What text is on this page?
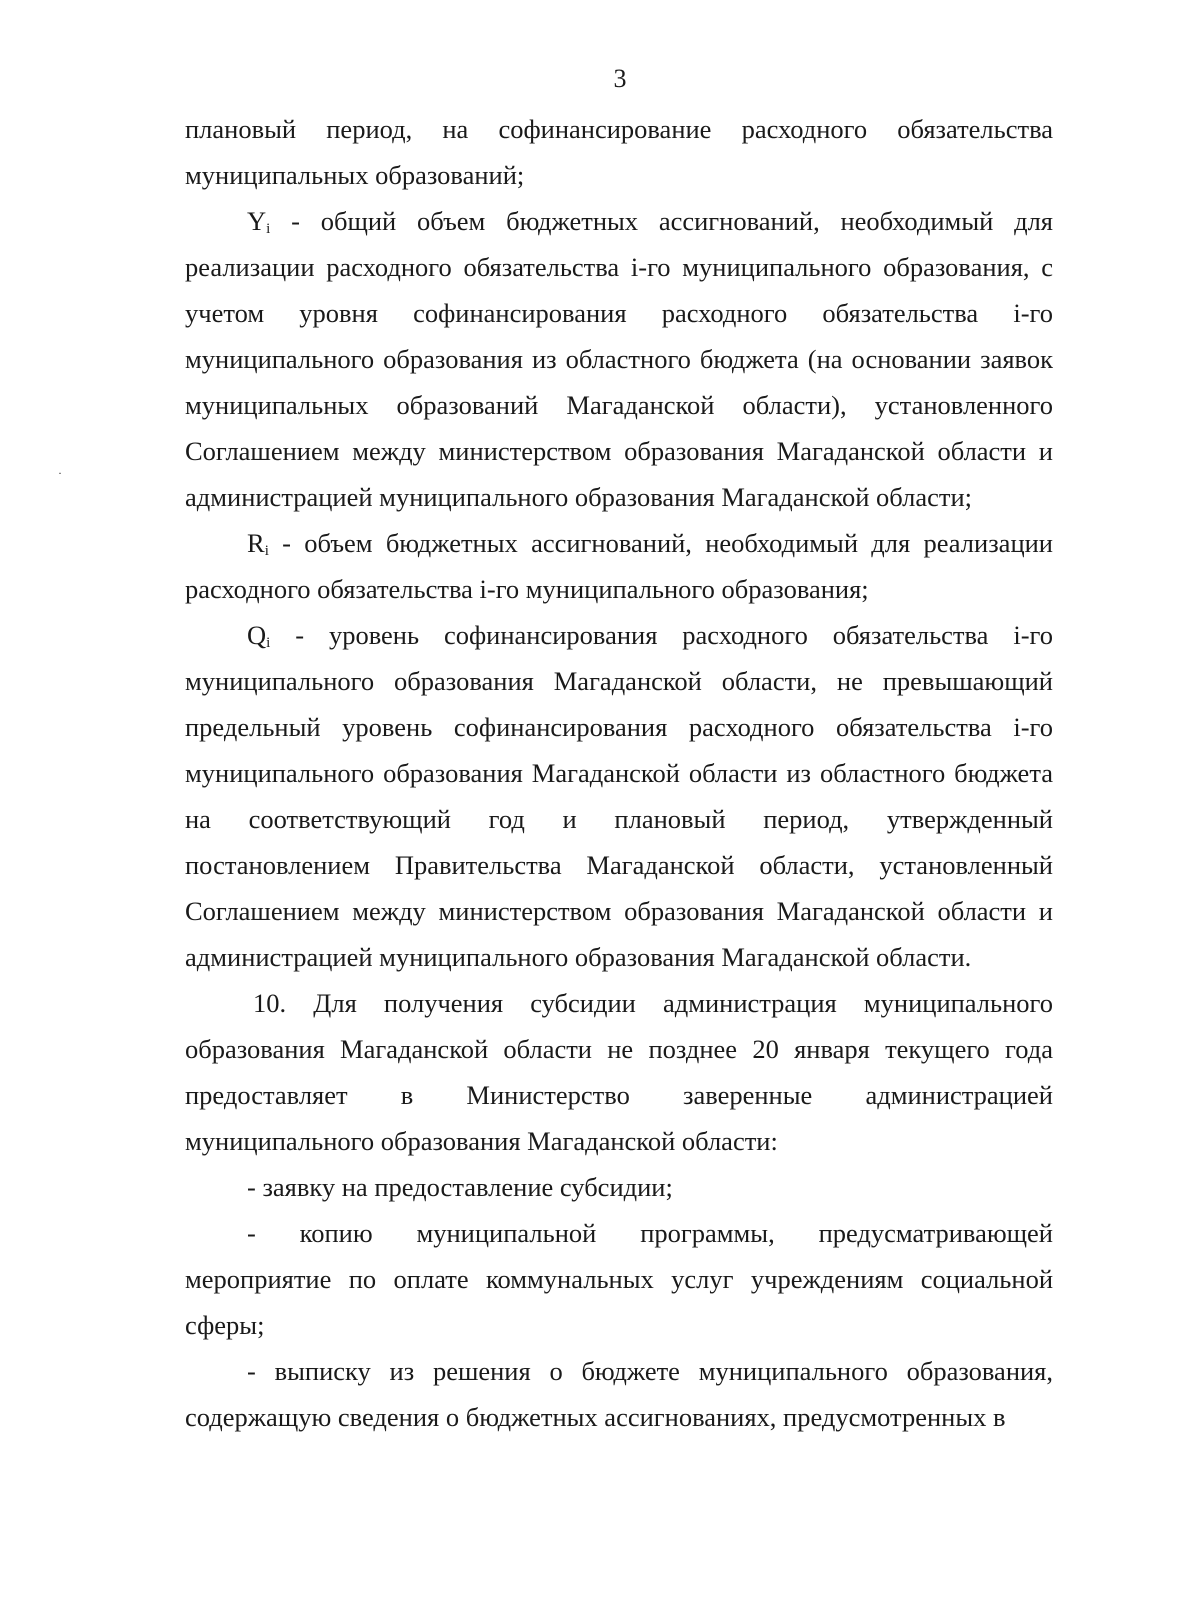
3
·

плановый период, на софинансирование расходного обязательства муниципальных образований;

$Y_i$ - общий объем бюджетных ассигнований, необходимый для реализации расходного обязательства i-го муниципального образования, с учетом уровня софинансирования расходного обязательства i-го муниципального образования из областного бюджета (на основании заявок муниципальных образований Магаданской области), установленного Соглашением между министерством образования Магаданской области и администрацией муниципального образования Магаданской области;

$R_i$ - объем бюджетных ассигнований, необходимый для реализации расходного обязательства i-го муниципального образования;

$Q_i$ - уровень софинансирования расходного обязательства i-го муниципального образования Магаданской области, не превышающий предельный уровень софинансирования расходного обязательства i-го муниципального образования Магаданской области из областного бюджета на соответствующий год и плановый период, утвержденный постановлением Правительства Магаданской области, установленный Соглашением между министерством образования Магаданской области и администрацией муниципального образования Магаданской области.

10. Для получения субсидии администрация муниципального образования Магаданской области не позднее 20 января текущего года предоставляет в Министерство заверенные администрацией муниципального образования Магаданской области:

- заявку на предоставление субсидии;

- копию муниципальной программы, предусматривающей мероприятие по оплате коммунальных услуг учреждениям социальной сферы;

- выписку из решения о бюджете муниципального образования, содержащую сведения о бюджетных ассигнованиях, предусмотренных в
